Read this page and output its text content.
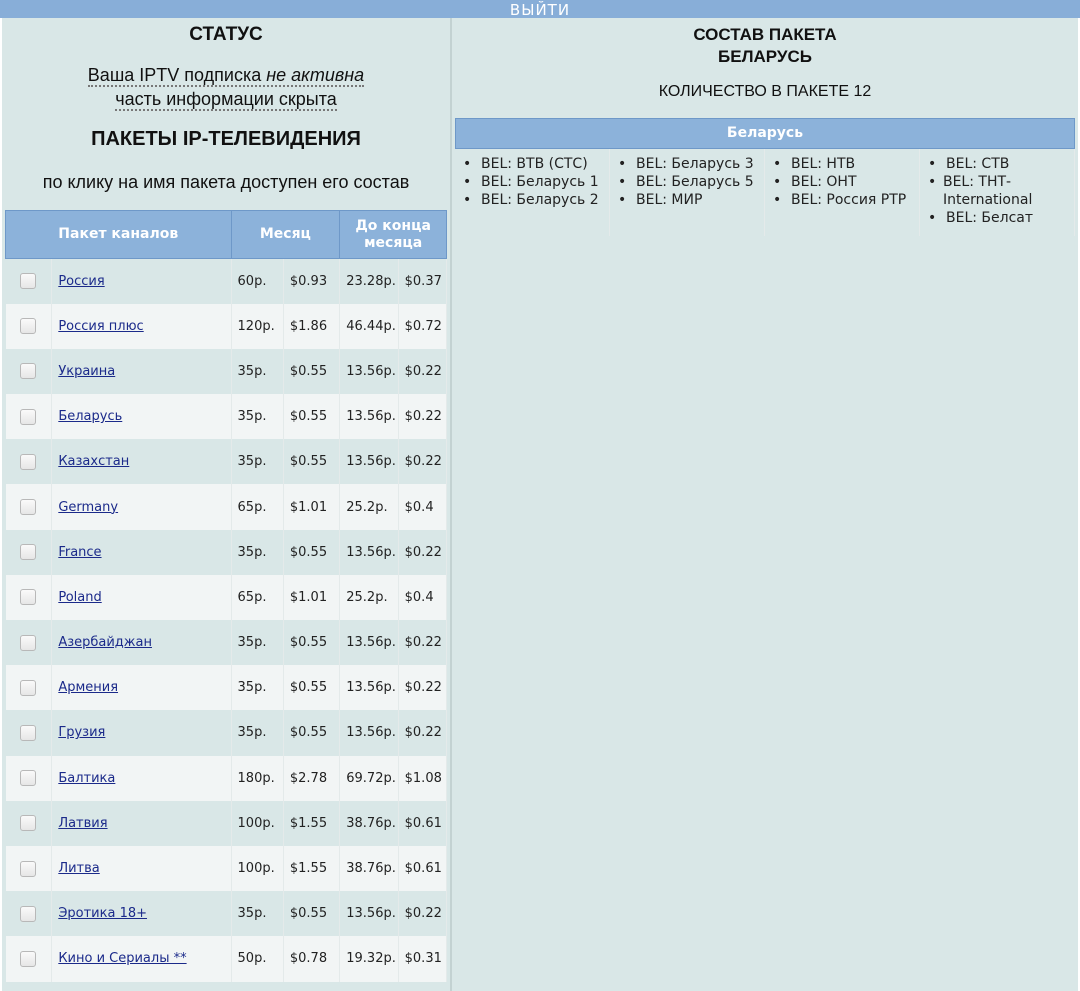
ВЫЙТИ
СТАТУС
Ваша IPTV подписка не активна
часть информации скрыта
ПАКЕТЫ IP-ТЕЛЕВИДЕНИЯ
по клику на имя пакета доступен его состав
Пакет каналов		Месяц		До конца
месяца	
	Россия	60р.	$0.93	23.28р.	$0.37
	Россия плюс	120р.	$1.86	46.44р.	$0.72
	Украина	35р.	$0.55	13.56р.	$0.22
	Беларусь	35р.	$0.55	13.56р.	$0.22
	Казахстан	35р.	$0.55	13.56р.	$0.22
	Germany	65р.	$1.01	25.2р.	$0.4
	France	35р.	$0.55	13.56р.	$0.22
	Poland	65р.	$1.01	25.2р.	$0.4
	Азербайджан	35р.	$0.55	13.56р.	$0.22
	Армения	35р.	$0.55	13.56р.	$0.22
	Грузия	35р.	$0.55	13.56р.	$0.22
	Балтика	180р.	$2.78	69.72р.	$1.08
	Латвия	100р.	$1.55	38.76р.	$0.61
	Литва	100р.	$1.55	38.76р.	$0.61
	Эротика 18+	35р.	$0.55	13.56р.	$0.22
	Кино и Сериалы **	50р.	$0.78	19.32р.	$0.31
СОСТАВ ПАКЕТА
БЕЛАРУСЬ
КОЛИЧЕСТВО В ПАКЕТЕ 12
Беларусь
• BEL: ВТВ (СТС)
• BEL: Беларусь 1
• BEL: Беларусь 2
• BEL: Беларусь 3
• BEL: Беларусь 5
• BEL: МИР
• BEL: НТВ
• BEL: ОНТ
• BEL: Россия РТР
• BEL: СТВ
• BEL: ТНТ-International
• BEL: Белсат
